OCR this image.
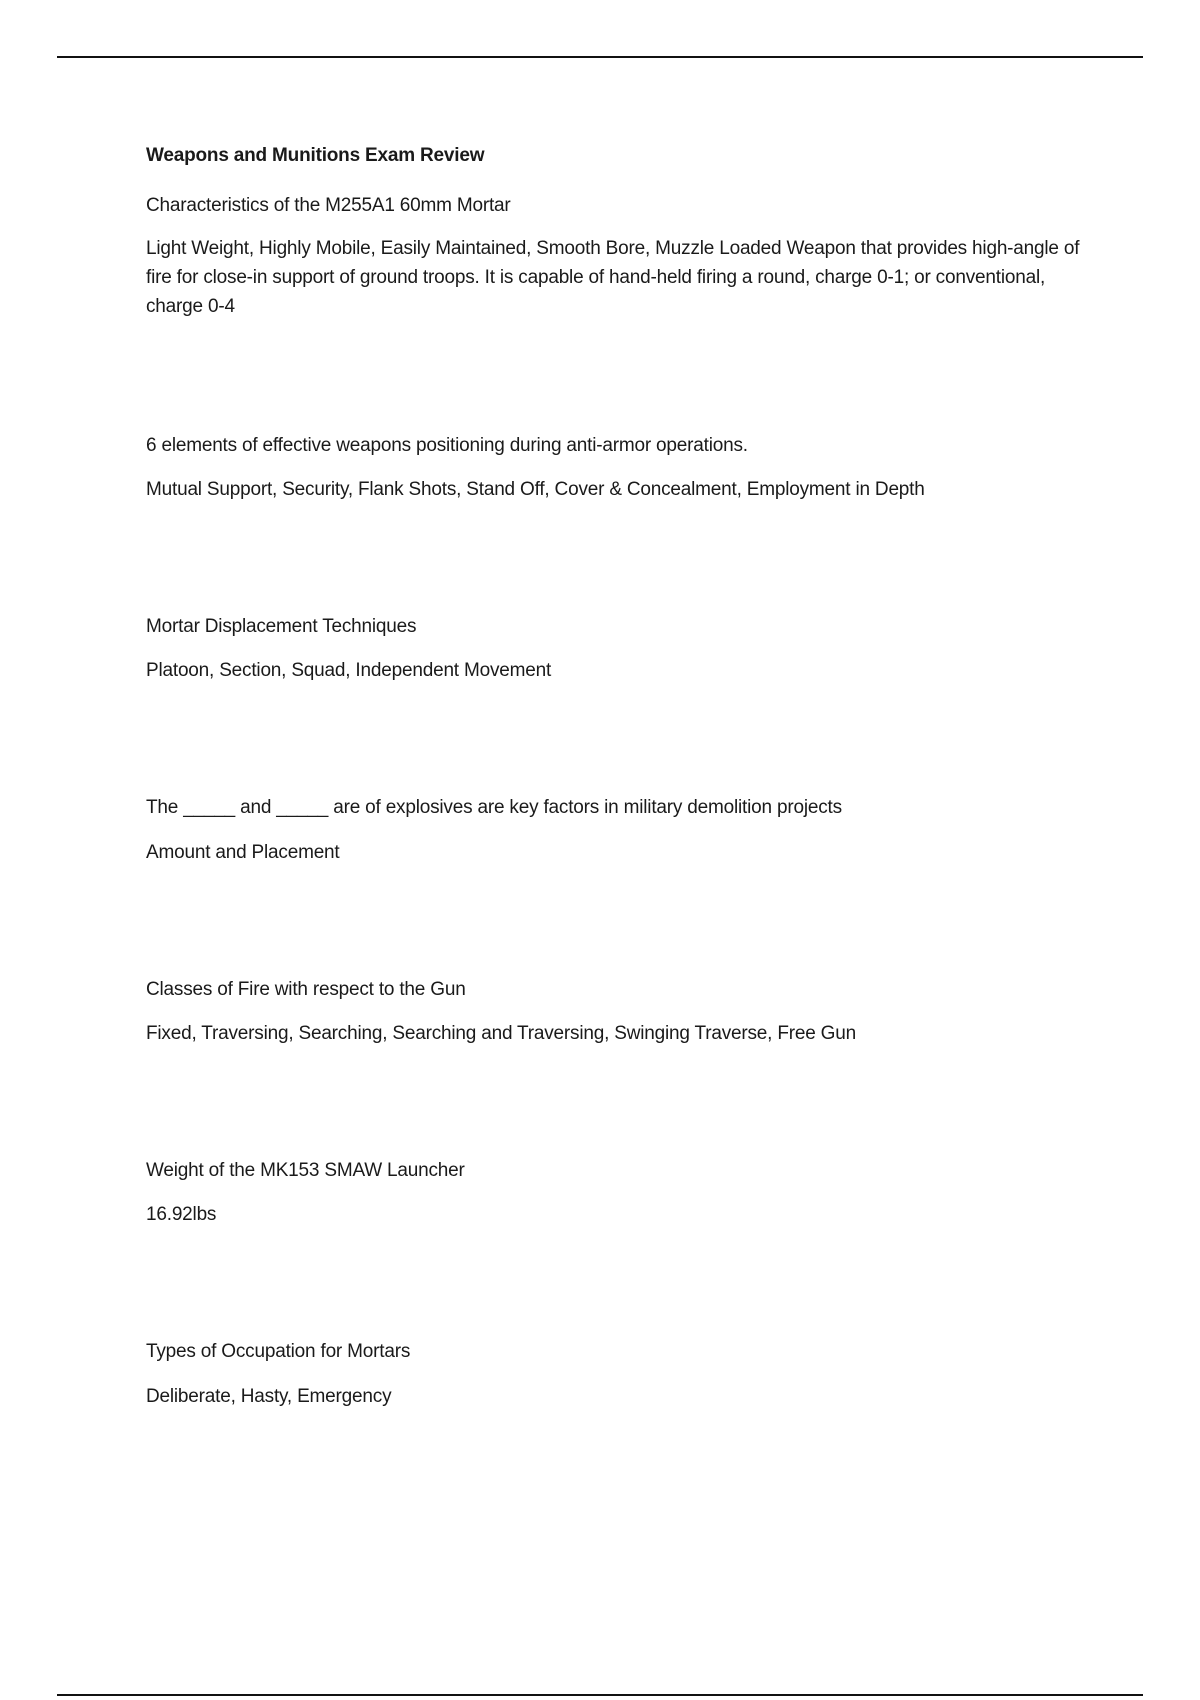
Weapons and Munitions Exam Review
Characteristics of the M255A1 60mm Mortar
Light Weight, Highly Mobile, Easily Maintained, Smooth Bore, Muzzle Loaded Weapon that provides high-angle of fire for close-in support of ground troops. It is capable of hand-held firing a round, charge 0-1; or conventional, charge 0-4
6 elements of effective weapons positioning during anti-armor operations.
Mutual Support, Security, Flank Shots, Stand Off, Cover & Concealment, Employment in Depth
Mortar Displacement Techniques
Platoon, Section, Squad, Independent Movement
The _____ and _____ are of explosives are key factors in military demolition projects
Amount and Placement
Classes of Fire with respect to the Gun
Fixed, Traversing, Searching, Searching and Traversing, Swinging Traverse, Free Gun
Weight of the MK153 SMAW Launcher
16.92lbs
Types of Occupation for Mortars
Deliberate, Hasty, Emergency
